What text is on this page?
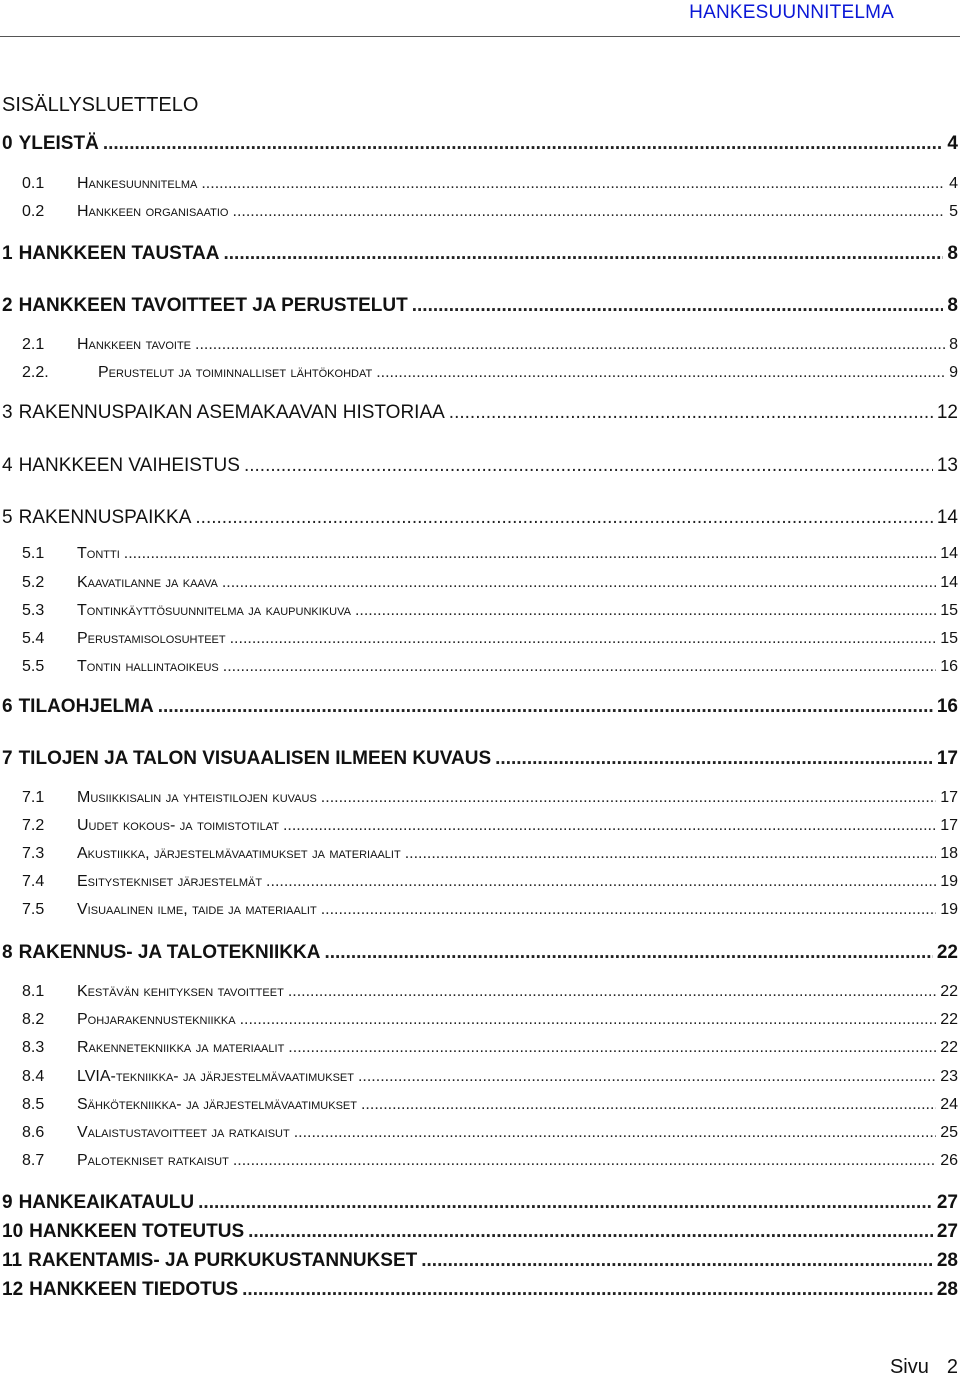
HANKESUUNNITELMA
SISÄLLYSLUETTELO
0 YLEISTÄ .....	4
0.1	Hankesuunnitelma .....	4
0.2	Hankkeen organisaatio .....	5
1 HANKKEEN TAUSTAA .....	8
2 HANKKEEN TAVOITTEET JA PERUSTELUT .....	8
2.1	Hankkeen tavoite .....	8
2.2.	Perustelut ja toiminnalliset lähtökohdat .....	9
3 RAKENNUSPAIKAN ASEMAKAAVAN HISTORIAA .....	12
4 HANKKEEN VAIHEISTUS .....	13
5 RAKENNUSPAIKKA .....	14
5.1	Tontti .....	14
5.2	Kaavatilanne ja kaava .....	14
5.3	Tontinkäyttösuunnitelma ja kaupunkikuva .....	15
5.4	Perustamisolosuhteet .....	15
5.5	Tontin hallintaoikeus .....	16
6 TILAOHJELMA .....	16
7 TILOJEN JA TALON VISUAALISEN ILMEEN KUVAUS .....	17
7.1	Musiikkisalin ja yhteistilojen kuvaus .....	17
7.2	Uudet kokous- ja toimistotilat .....	17
7.3	Akustiikka, järjestelmävaatimukset ja materiaalit .....	18
7.4	Esitystekniset järjestelmät .....	19
7.5	Visuaalinen ilme, taide ja materiaalit .....	19
8 RAKENNUS- JA TALOTEKNIIKKA .....	22
8.1	Kestävän kehityksen tavoitteet .....	22
8.2	Pohjarakennustekniikka .....	22
8.3	Rakennetekniikka ja materiaalit .....	22
8.4	LVIA-tekniikka- ja järjestelmävaatimukset .....	23
8.5	Sähkötekniikka- ja järjestelmävaatimukset .....	24
8.6	Valaistustavoitteet ja ratkaisut .....	25
8.7	Palotekniset ratkaisut .....	26
9 HANKEAIKATAULU .....	27
10 HANKKEEN TOTEUTUS .....	27
11 RAKENTAMIS- JA PURKUKUSTANNUKSET .....	28
12 HANKKEEN TIEDOTUS .....	28
Sivu 2
